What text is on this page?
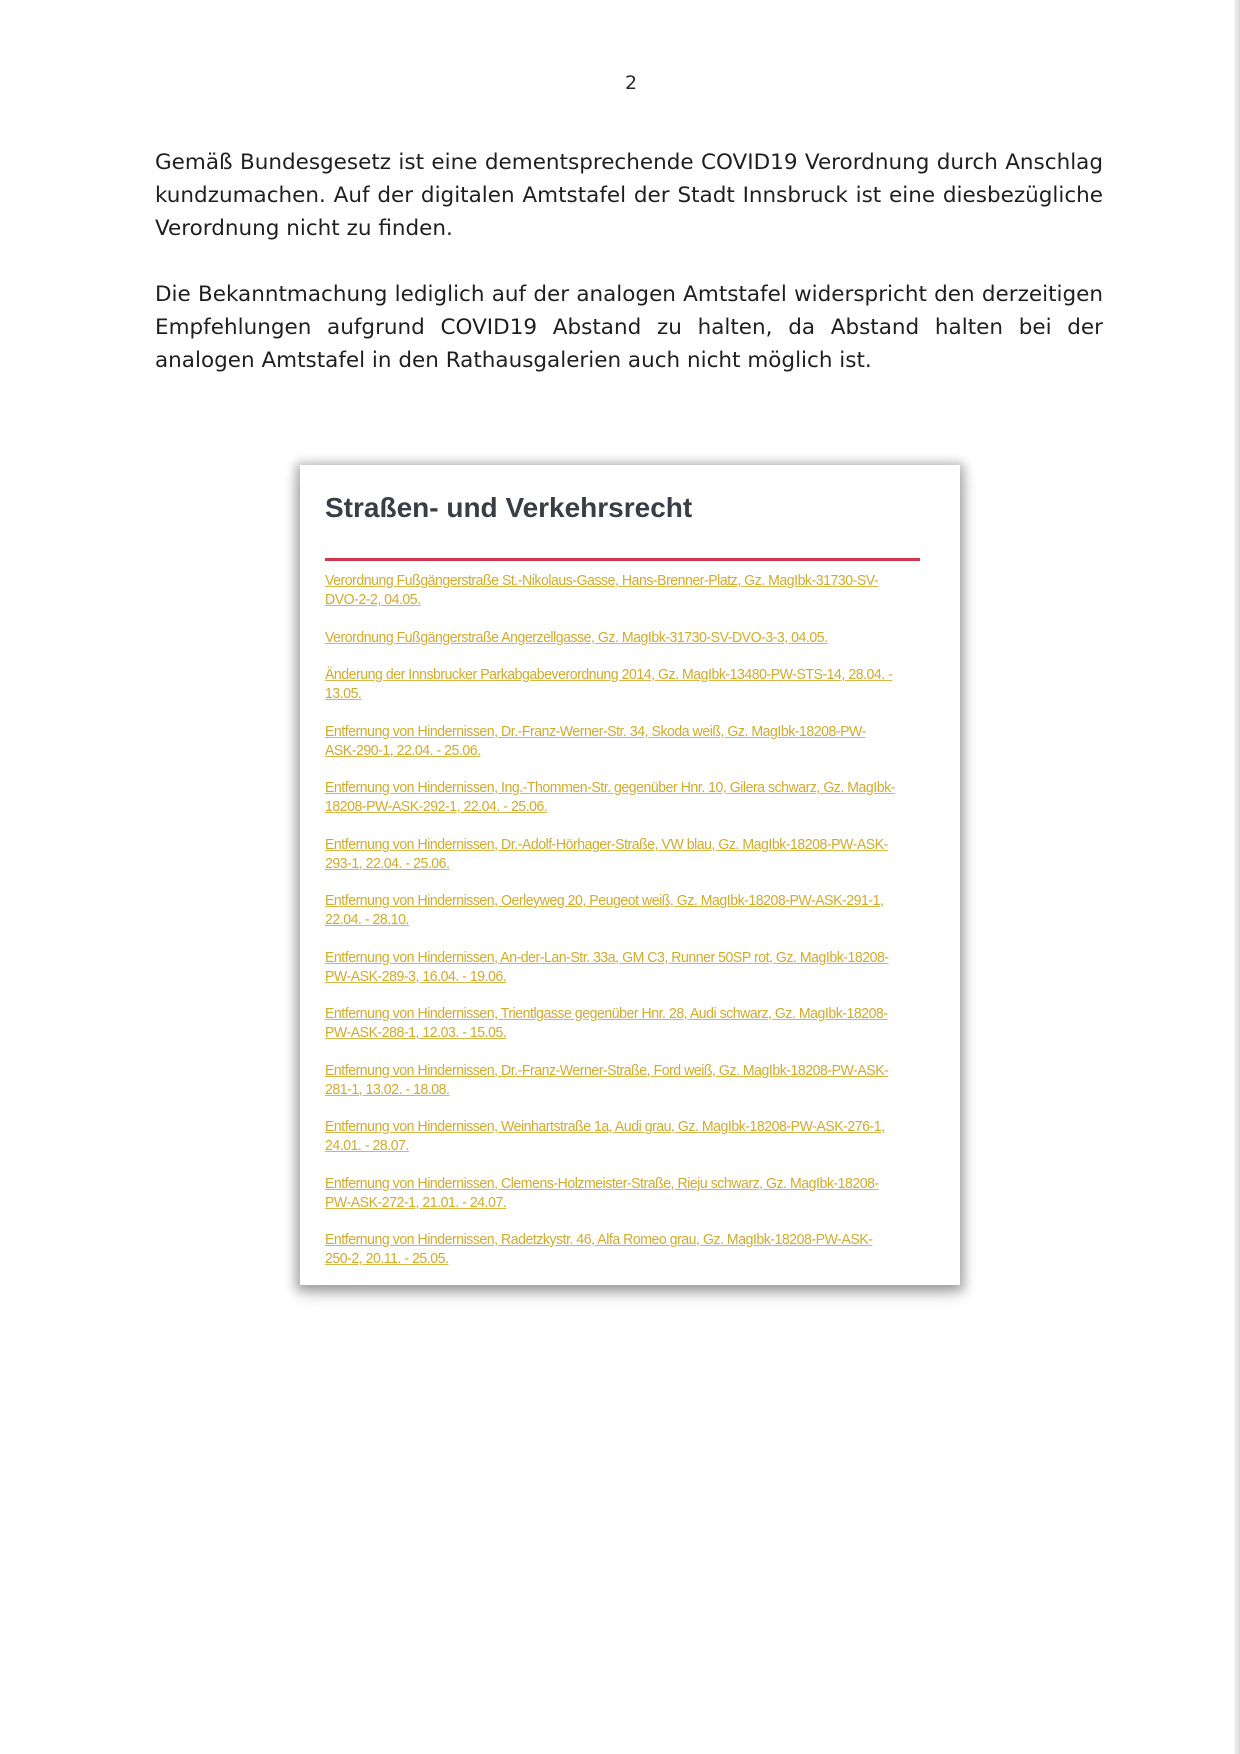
2

Gemäß Bundesgesetz ist eine dementsprechende COVID19 Verordnung durch Anschlag kundzumachen. Auf der digitalen Amtstafel der Stadt Innsbruck ist eine diesbezügliche Verordnung nicht zu finden.

Die Bekanntmachung lediglich auf der analogen Amtstafel widerspricht den derzeitigen Empfehlungen aufgrund COVID19 Abstand zu halten, da Abstand halten bei der analogen Amtstafel in den Rathausgalerien auch nicht möglich ist.

Straßen- und Verkehrsrecht
Verordnung Fußgängerstraße St.-Nikolaus-Gasse, Hans-Brenner-Platz, Gz. MagIbk-31730-SV-DVO-2-2, 04.05.
Verordnung Fußgängerstraße Angerzellgasse, Gz. MagIbk-31730-SV-DVO-3-3, 04.05.
Änderung der Innsbrucker Parkabgabeverordnung 2014, Gz. MagIbk-13480-PW-STS-14, 28.04. - 13.05.
Entfernung von Hindernissen, Dr.-Franz-Werner-Str. 34, Skoda weiß, Gz. MagIbk-18208-PW-ASK-290-1, 22.04. - 25.06.
Entfernung von Hindernissen, Ing.-Thommen-Str. gegenüber Hnr. 10, Gilera schwarz, Gz. MagIbk-18208-PW-ASK-292-1, 22.04. - 25.06.
Entfernung von Hindernissen, Dr.-Adolf-Hörhager-Straße, VW blau, Gz. MagIbk-18208-PW-ASK-293-1, 22.04. - 25.06.
Entfernung von Hindernissen, Oerleyweg 20, Peugeot weiß, Gz. MagIbk-18208-PW-ASK-291-1, 22.04. - 28.10.
Entfernung von Hindernissen, An-der-Lan-Str. 33a, GM C3, Runner 50SP rot, Gz. MagIbk-18208-PW-ASK-289-3, 16.04. - 19.06.
Entfernung von Hindernissen, Trientlgasse gegenüber Hnr. 28, Audi schwarz, Gz. MagIbk-18208-PW-ASK-288-1, 12.03. - 15.05.
Entfernung von Hindernissen, Dr.-Franz-Werner-Straße, Ford weiß, Gz. MagIbk-18208-PW-ASK-281-1, 13.02. - 18.08.
Entfernung von Hindernissen, Weinhartstraße 1a, Audi grau, Gz. MagIbk-18208-PW-ASK-276-1, 24.01. - 28.07.
Entfernung von Hindernissen, Clemens-Holzmeister-Straße, Rieju schwarz, Gz. MagIbk-18208-PW-ASK-272-1, 21.01. - 24.07.
Entfernung von Hindernissen, Radetzkystr. 46, Alfa Romeo grau, Gz. MagIbk-18208-PW-ASK-250-2, 20.11. - 25.05.
